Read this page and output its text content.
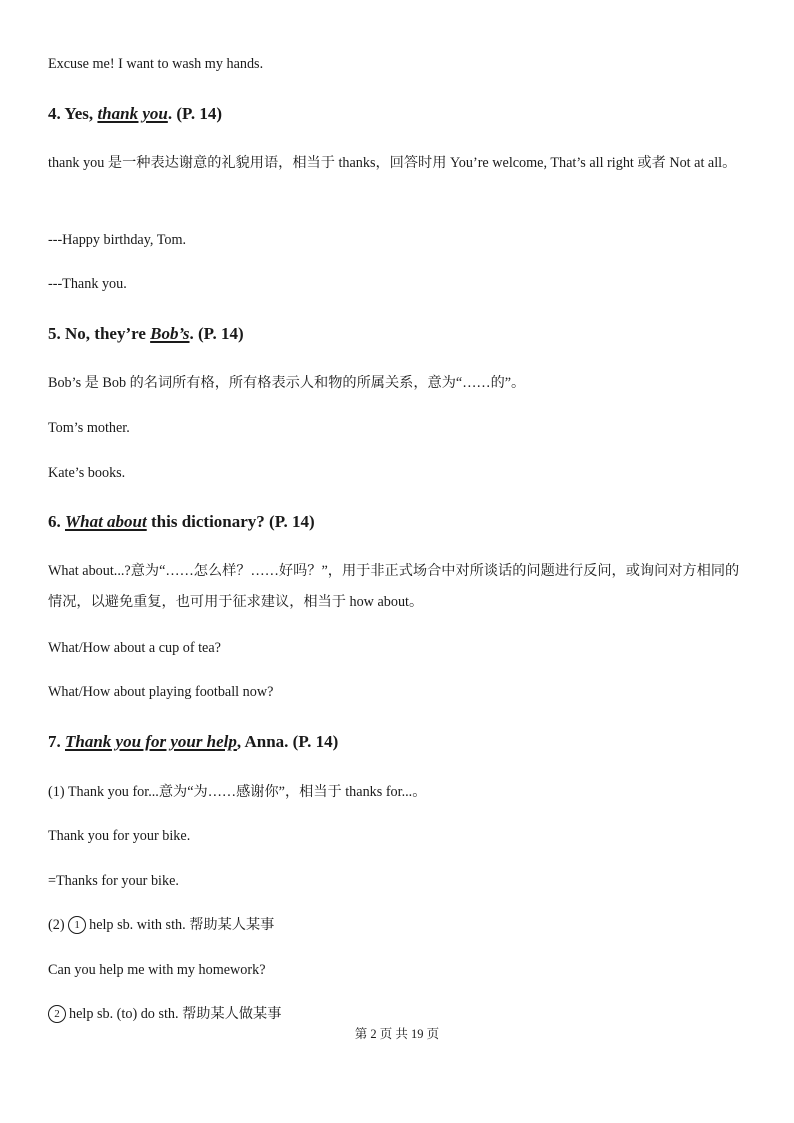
Excuse me! I want to wash my hands.
4. Yes, thank you. (P. 14)
thank you 是一种表达谢意的礼貌用语，相当于 thanks，回答时用 You’re welcome, That’s all right 或者 Not at all。
---Happy birthday, Tom.
---Thank you.
5. No, they’re Bob’s. (P. 14)
Bob’s 是 Bob 的名词所有格，所有格表示人和物的所属关系，意为“……的”。
Tom’s mother.
Kate’s books.
6. What about this dictionary? (P. 14)
What about...?意为“……怎么样？……好吗？”，用于非正式场合中对所谈话的问题进行反问，或询问对方相同的情况，以避免重复，也可用于征求建议，相当于 how about。
What/How about a cup of tea?
What/How about playing football now?
7. Thank you for your help, Anna. (P. 14)
(1) Thank you for...意为“为……感谢你”，相当于 thanks for...。
Thank you for your bike.
=Thanks for your bike.
(2) 1 help sb. with sth. 帮助某人某事
Can you help me with my homework?
2 help sb. (to) do sth. 帮助某人做某事
第 2 页 共 19 页
